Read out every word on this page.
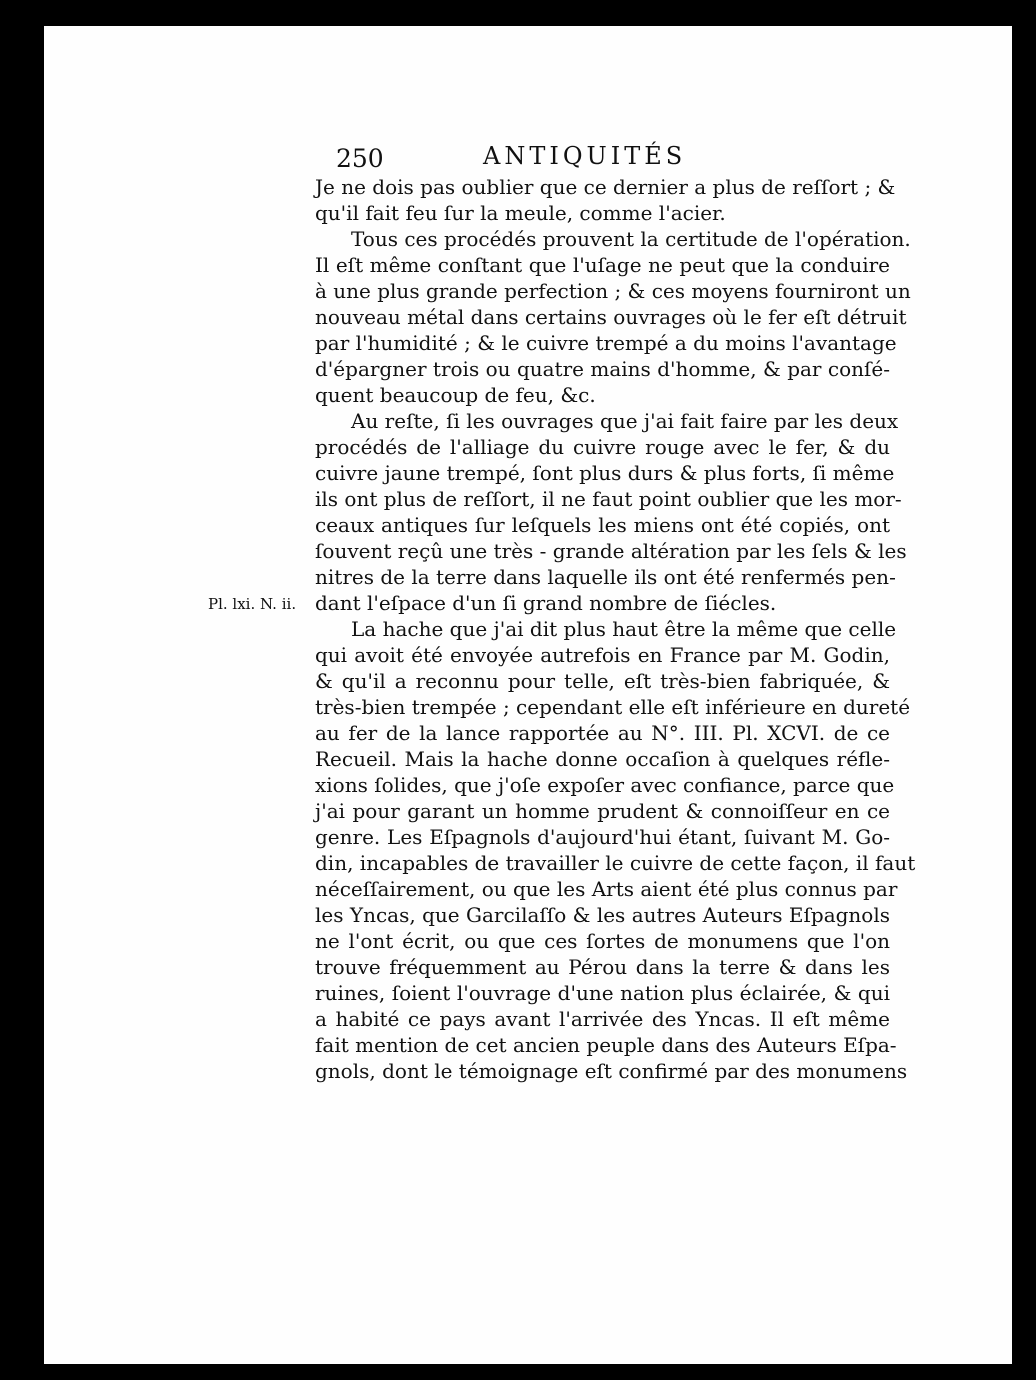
250	ANTIQUITÉS
Pl. lxi. N. ii.
Je ne dois pas oublier que ce dernier a plus de reſſort ; &
qu'il fait feu ſur la meule, comme l'acier.
Tous ces procédés prouvent la certitude de l'opération.
Il eſt même conſtant que l'uſage ne peut que la conduire
à une plus grande perfection ; & ces moyens fourniront un
nouveau métal dans certains ouvrages où le fer eſt détruit
par l'humidité ; & le cuivre trempé a du moins l'avantage
d'épargner trois ou quatre mains d'homme, & par conſé-
quent beaucoup de feu, &c.
Au reſte, ſi les ouvrages que j'ai fait faire par les deux
procédés de l'alliage du cuivre rouge avec le fer, & du
cuivre jaune trempé, ſont plus durs & plus forts, ſi même
ils ont plus de reſſort, il ne faut point oublier que les mor-
ceaux antiques ſur leſquels les miens ont été copiés, ont
ſouvent reçû une très - grande altération par les ſels & les
nitres de la terre dans laquelle ils ont été renfermés pen-
dant l'eſpace d'un ſi grand nombre de ſiécles.
La hache que j'ai dit plus haut être la même que celle
qui avoit été envoyée autrefois en France par M. Godin,
& qu'il a reconnu pour telle, eſt très-bien fabriquée, &
très-bien trempée ; cependant elle eſt inférieure en dureté
au fer de la lance rapportée au N°. III. Pl. XCVI. de ce
Recueil. Mais la hache donne occaſion à quelques réfle-
xions ſolides, que j'oſe expoſer avec confiance, parce que
j'ai pour garant un homme prudent & connoiſſeur en ce
genre. Les Eſpagnols d'aujourd'hui étant, ſuivant M. Go-
din, incapables de travailler le cuivre de cette façon, il faut
néceſſairement, ou que les Arts aient été plus connus par
les Yncas, que Garcilaſſo & les autres Auteurs Eſpagnols
ne l'ont écrit, ou que ces ſortes de monumens que l'on
trouve fréquemment au Pérou dans la terre & dans les
ruines, ſoient l'ouvrage d'une nation plus éclairée, & qui
a habité ce pays avant l'arrivée des Yncas. Il eſt même
fait mention de cet ancien peuple dans des Auteurs Eſpa-
gnols, dont le témoignage eſt confirmé par des monumens
